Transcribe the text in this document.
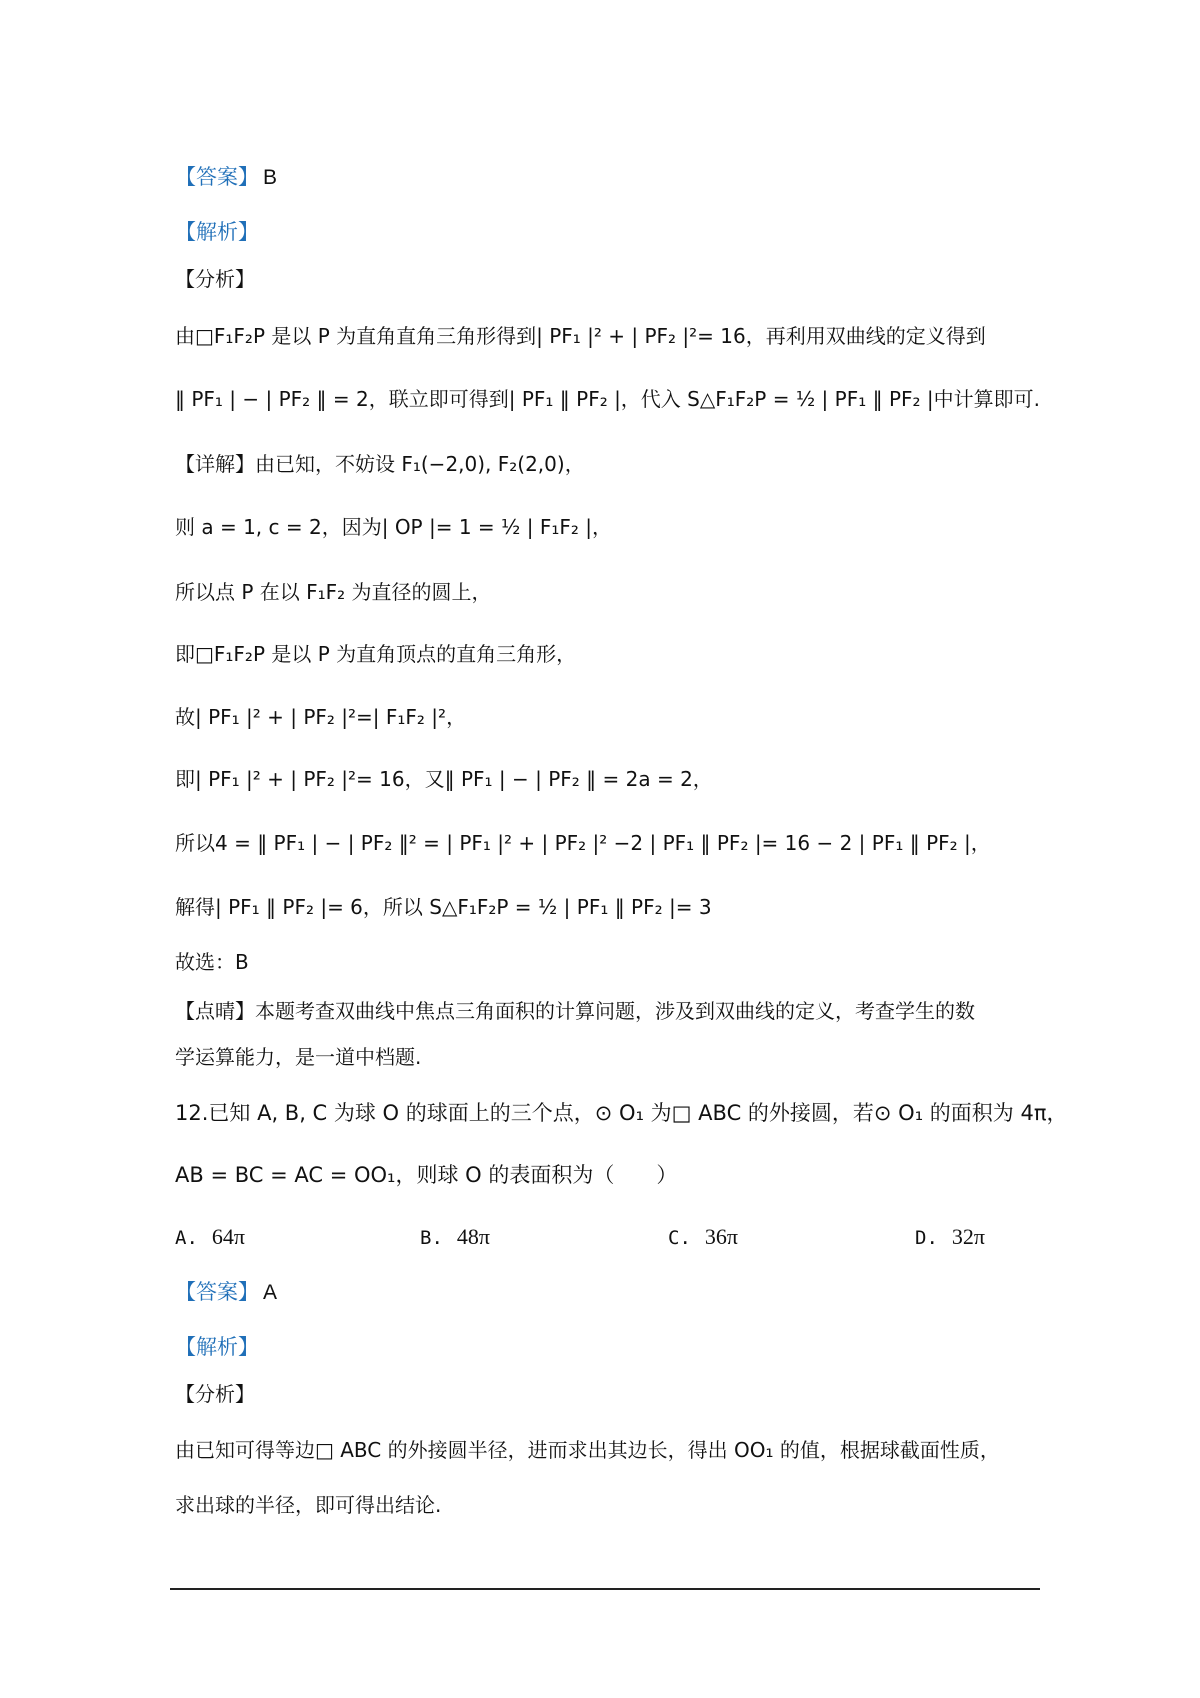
【答案】 B
【解析】
【分析】
由□F₁F₂P 是以 P 为直角直角三角形得到| PF₁ |² + | PF₂ |²= 16，再利用双曲线的定义得到
‖ PF₁ | − | PF₂ ‖ = 2，联立即可得到| PF₁ ‖ PF₂ |，代入 S△F₁F₂P = ½ | PF₁ ‖ PF₂ |中计算即可.
【详解】由已知，不妨设 F₁(−2,0), F₂(2,0)，
则 a = 1, c = 2，因为| OP |= 1 = ½ | F₁F₂ |，
所以点 P 在以 F₁F₂ 为直径的圆上，
即□F₁F₂P 是以 P 为直角顶点的直角三角形，
故| PF₁ |² + | PF₂ |²=| F₁F₂ |²，
即| PF₁ |² + | PF₂ |²= 16，又‖ PF₁ | − | PF₂ ‖ = 2a = 2，
所以4 = ‖ PF₁ | − | PF₂ ‖² = | PF₁ |² + | PF₂ |² −2 | PF₁ ‖ PF₂ |= 16 − 2 | PF₁ ‖ PF₂ |，
解得| PF₁ ‖ PF₂ |= 6，所以 S△F₁F₂P = ½ | PF₁ ‖ PF₂ |= 3
故选：B
【点晴】本题考查双曲线中焦点三角面积的计算问题，涉及到双曲线的定义，考查学生的数
学运算能力，是一道中档题.
12.已知 A, B, C 为球 O 的球面上的三个点，⊙ O₁ 为□ ABC 的外接圆，若⊙ O₁ 的面积为 4π，
AB = BC = AC = OO₁，则球 O 的表面积为（　　）
A. 64π	B. 48π	C. 36π	D. 32π
【答案】 A
【解析】
【分析】
由已知可得等边□ ABC 的外接圆半径，进而求出其边长，得出 OO₁ 的值，根据球截面性质，
求出球的半径，即可得出结论.
